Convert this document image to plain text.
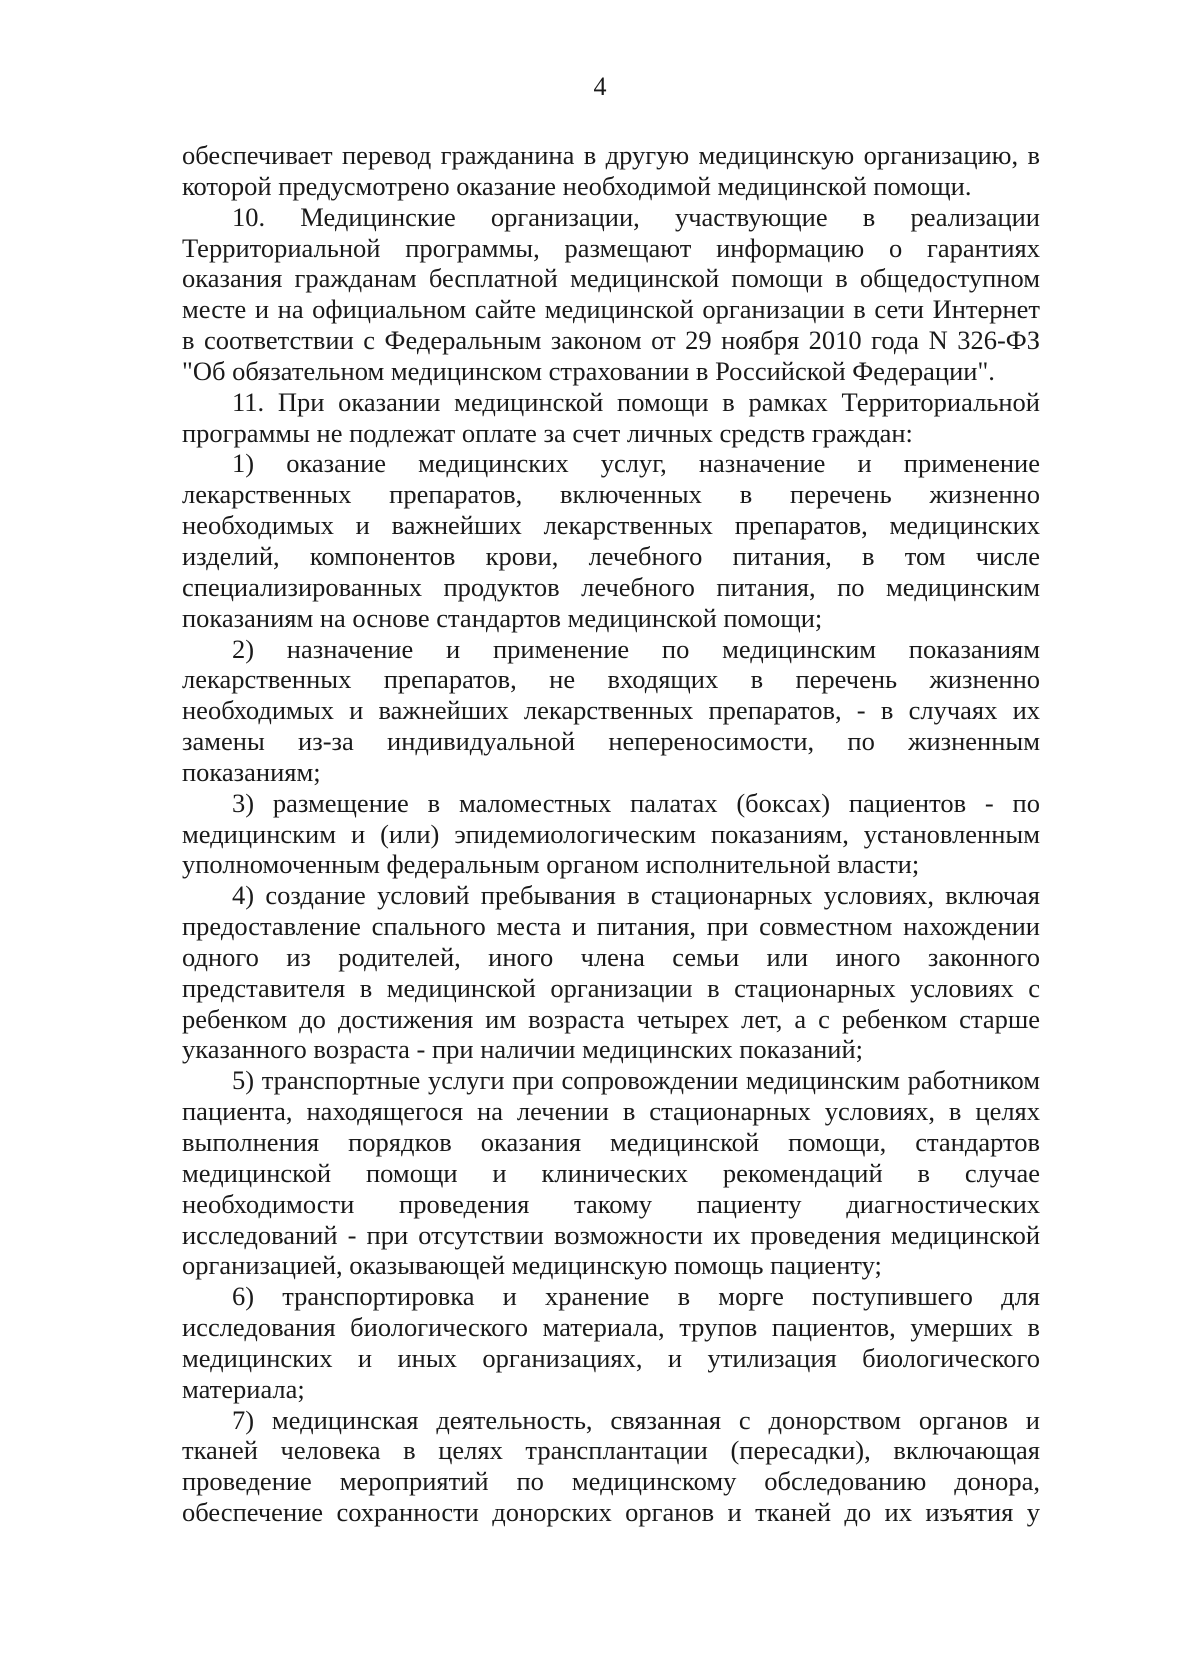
4

обеспечивает перевод гражданина в другую медицинскую организацию, в которой предусмотрено оказание необходимой медицинской помощи.

10. Медицинские организации, участвующие в реализации Территориальной программы, размещают информацию о гарантиях оказания гражданам бесплатной медицинской помощи в общедоступном месте и на официальном сайте медицинской организации в сети Интернет в соответствии с Федеральным законом от 29 ноября 2010 года N 326-ФЗ "Об обязательном медицинском страховании в Российской Федерации".

11. При оказании медицинской помощи в рамках Территориальной программы не подлежат оплате за счет личных средств граждан:

1) оказание медицинских услуг, назначение и применение лекарственных препаратов, включенных в перечень жизненно необходимых и важнейших лекарственных препаратов, медицинских изделий, компонентов крови, лечебного питания, в том числе специализированных продуктов лечебного питания, по медицинским показаниям на основе стандартов медицинской помощи;

2) назначение и применение по медицинским показаниям лекарственных препаратов, не входящих в перечень жизненно необходимых и важнейших лекарственных препаратов, - в случаях их замены из-за индивидуальной непереносимости, по жизненным показаниям;

3) размещение в маломестных палатах (боксах) пациентов - по медицинским и (или) эпидемиологическим показаниям, установленным уполномоченным федеральным органом исполнительной власти;

4) создание условий пребывания в стационарных условиях, включая предоставление спального места и питания, при совместном нахождении одного из родителей, иного члена семьи или иного законного представителя в медицинской организации в стационарных условиях с ребенком до достижения им возраста четырех лет, а с ребенком старше указанного возраста - при наличии медицинских показаний;

5) транспортные услуги при сопровождении медицинским работником пациента, находящегося на лечении в стационарных условиях, в целях выполнения порядков оказания медицинской помощи, стандартов медицинской помощи и клинических рекомендаций в случае необходимости проведения такому пациенту диагностических исследований - при отсутствии возможности их проведения медицинской организацией, оказывающей медицинскую помощь пациенту;

6) транспортировка и хранение в морге поступившего для исследования биологического материала, трупов пациентов, умерших в медицинских и иных организациях, и утилизация биологического материала;

7) медицинская деятельность, связанная с донорством органов и тканей человека в целях трансплантации (пересадки), включающая проведение мероприятий по медицинскому обследованию донора, обеспечение сохранности донорских органов и тканей до их изъятия у
